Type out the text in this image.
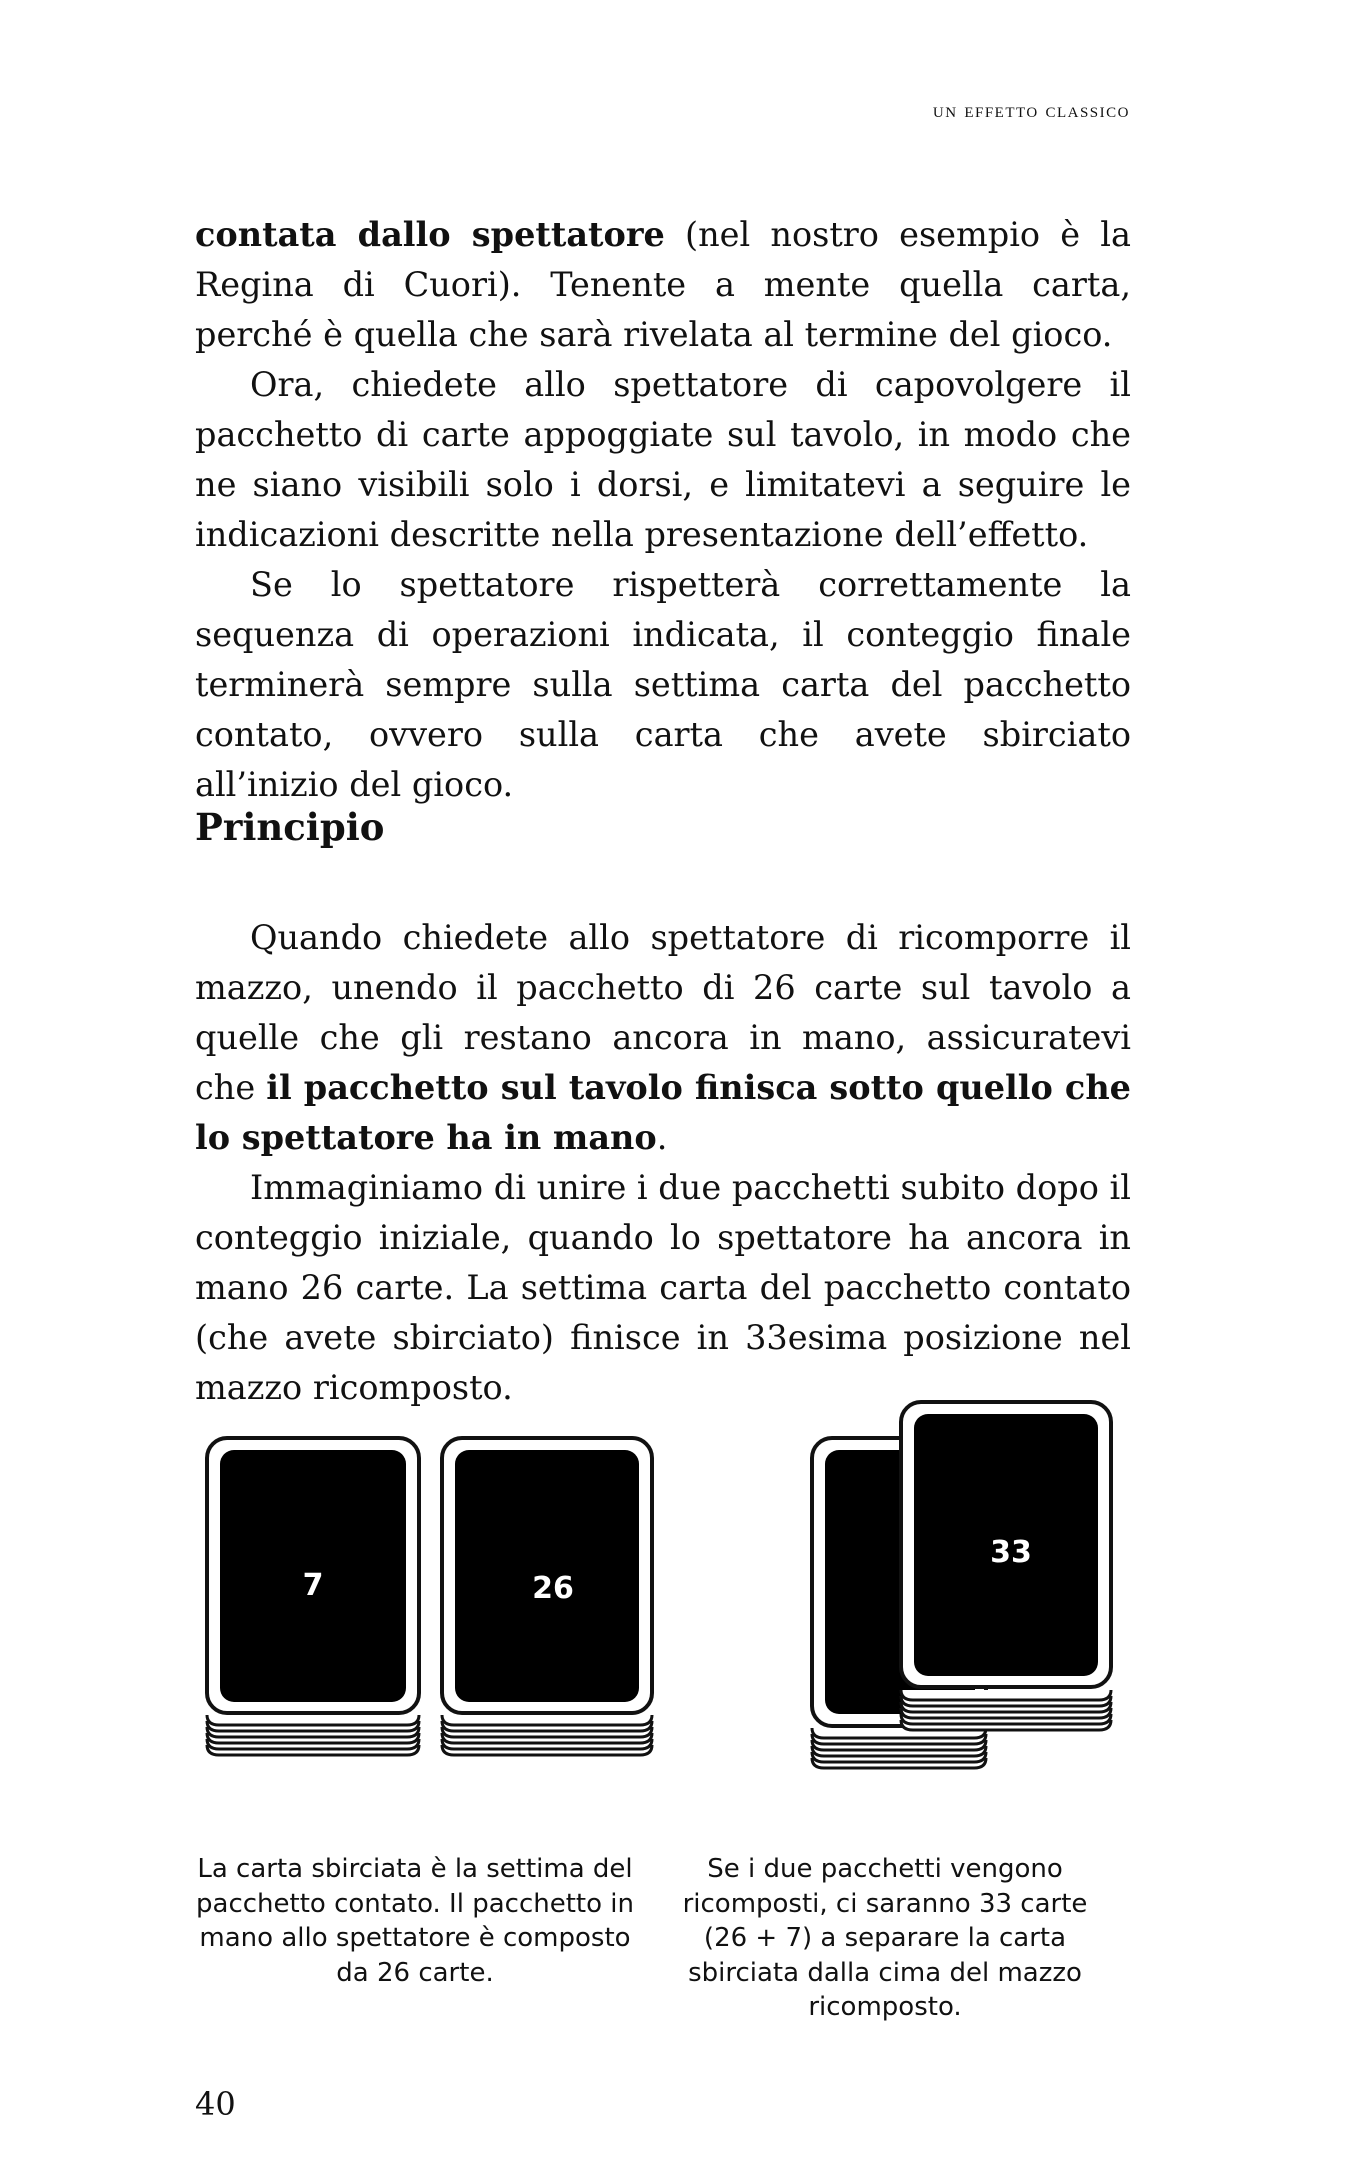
un effetto classico

contata dallo spettatore (nel nostro esempio è la Regina di Cuori). Tenente a mente quella carta, perché è quella che sarà rivelata al termine del gioco.

Ora, chiedete allo spettatore di capovolgere il pacchetto di carte appoggiate sul tavolo, in modo che ne siano visibili solo i dorsi, e limitatevi a seguire le indicazioni descritte nella presentazione dell’effetto.

Se lo spettatore rispetterà correttamente la sequenza di operazioni indicata, il conteggio finale terminerà sempre sulla settima carta del pacchetto contato, ovvero sulla carta che avete sbirciato all’inizio del gioco.

Principio

Quando chiedete allo spettatore di ricomporre il mazzo, unendo il pacchetto di 26 carte sul tavolo a quelle che gli restano ancora in mano, assicuratevi che il pacchetto sul tavolo finisca sotto quello che lo spettatore ha in mano.

Immaginiamo di unire i due pacchetti subito dopo il conteggio iniziale, quando lo spettatore ha ancora in mano 26 carte. La settima carta del pacchetto contato (che avete sbirciato) finisce in 33esima posizione nel mazzo ricomposto.

7	26
33
La carta sbirciata è la settima del pacchetto contato. Il pacchetto in mano allo spettatore è composto da 26 carte.
Se i due pacchetti vengono ricomposti, ci saranno 33 carte (26 + 7) a separare la carta sbirciata dalla cima del mazzo ricomposto.
40
